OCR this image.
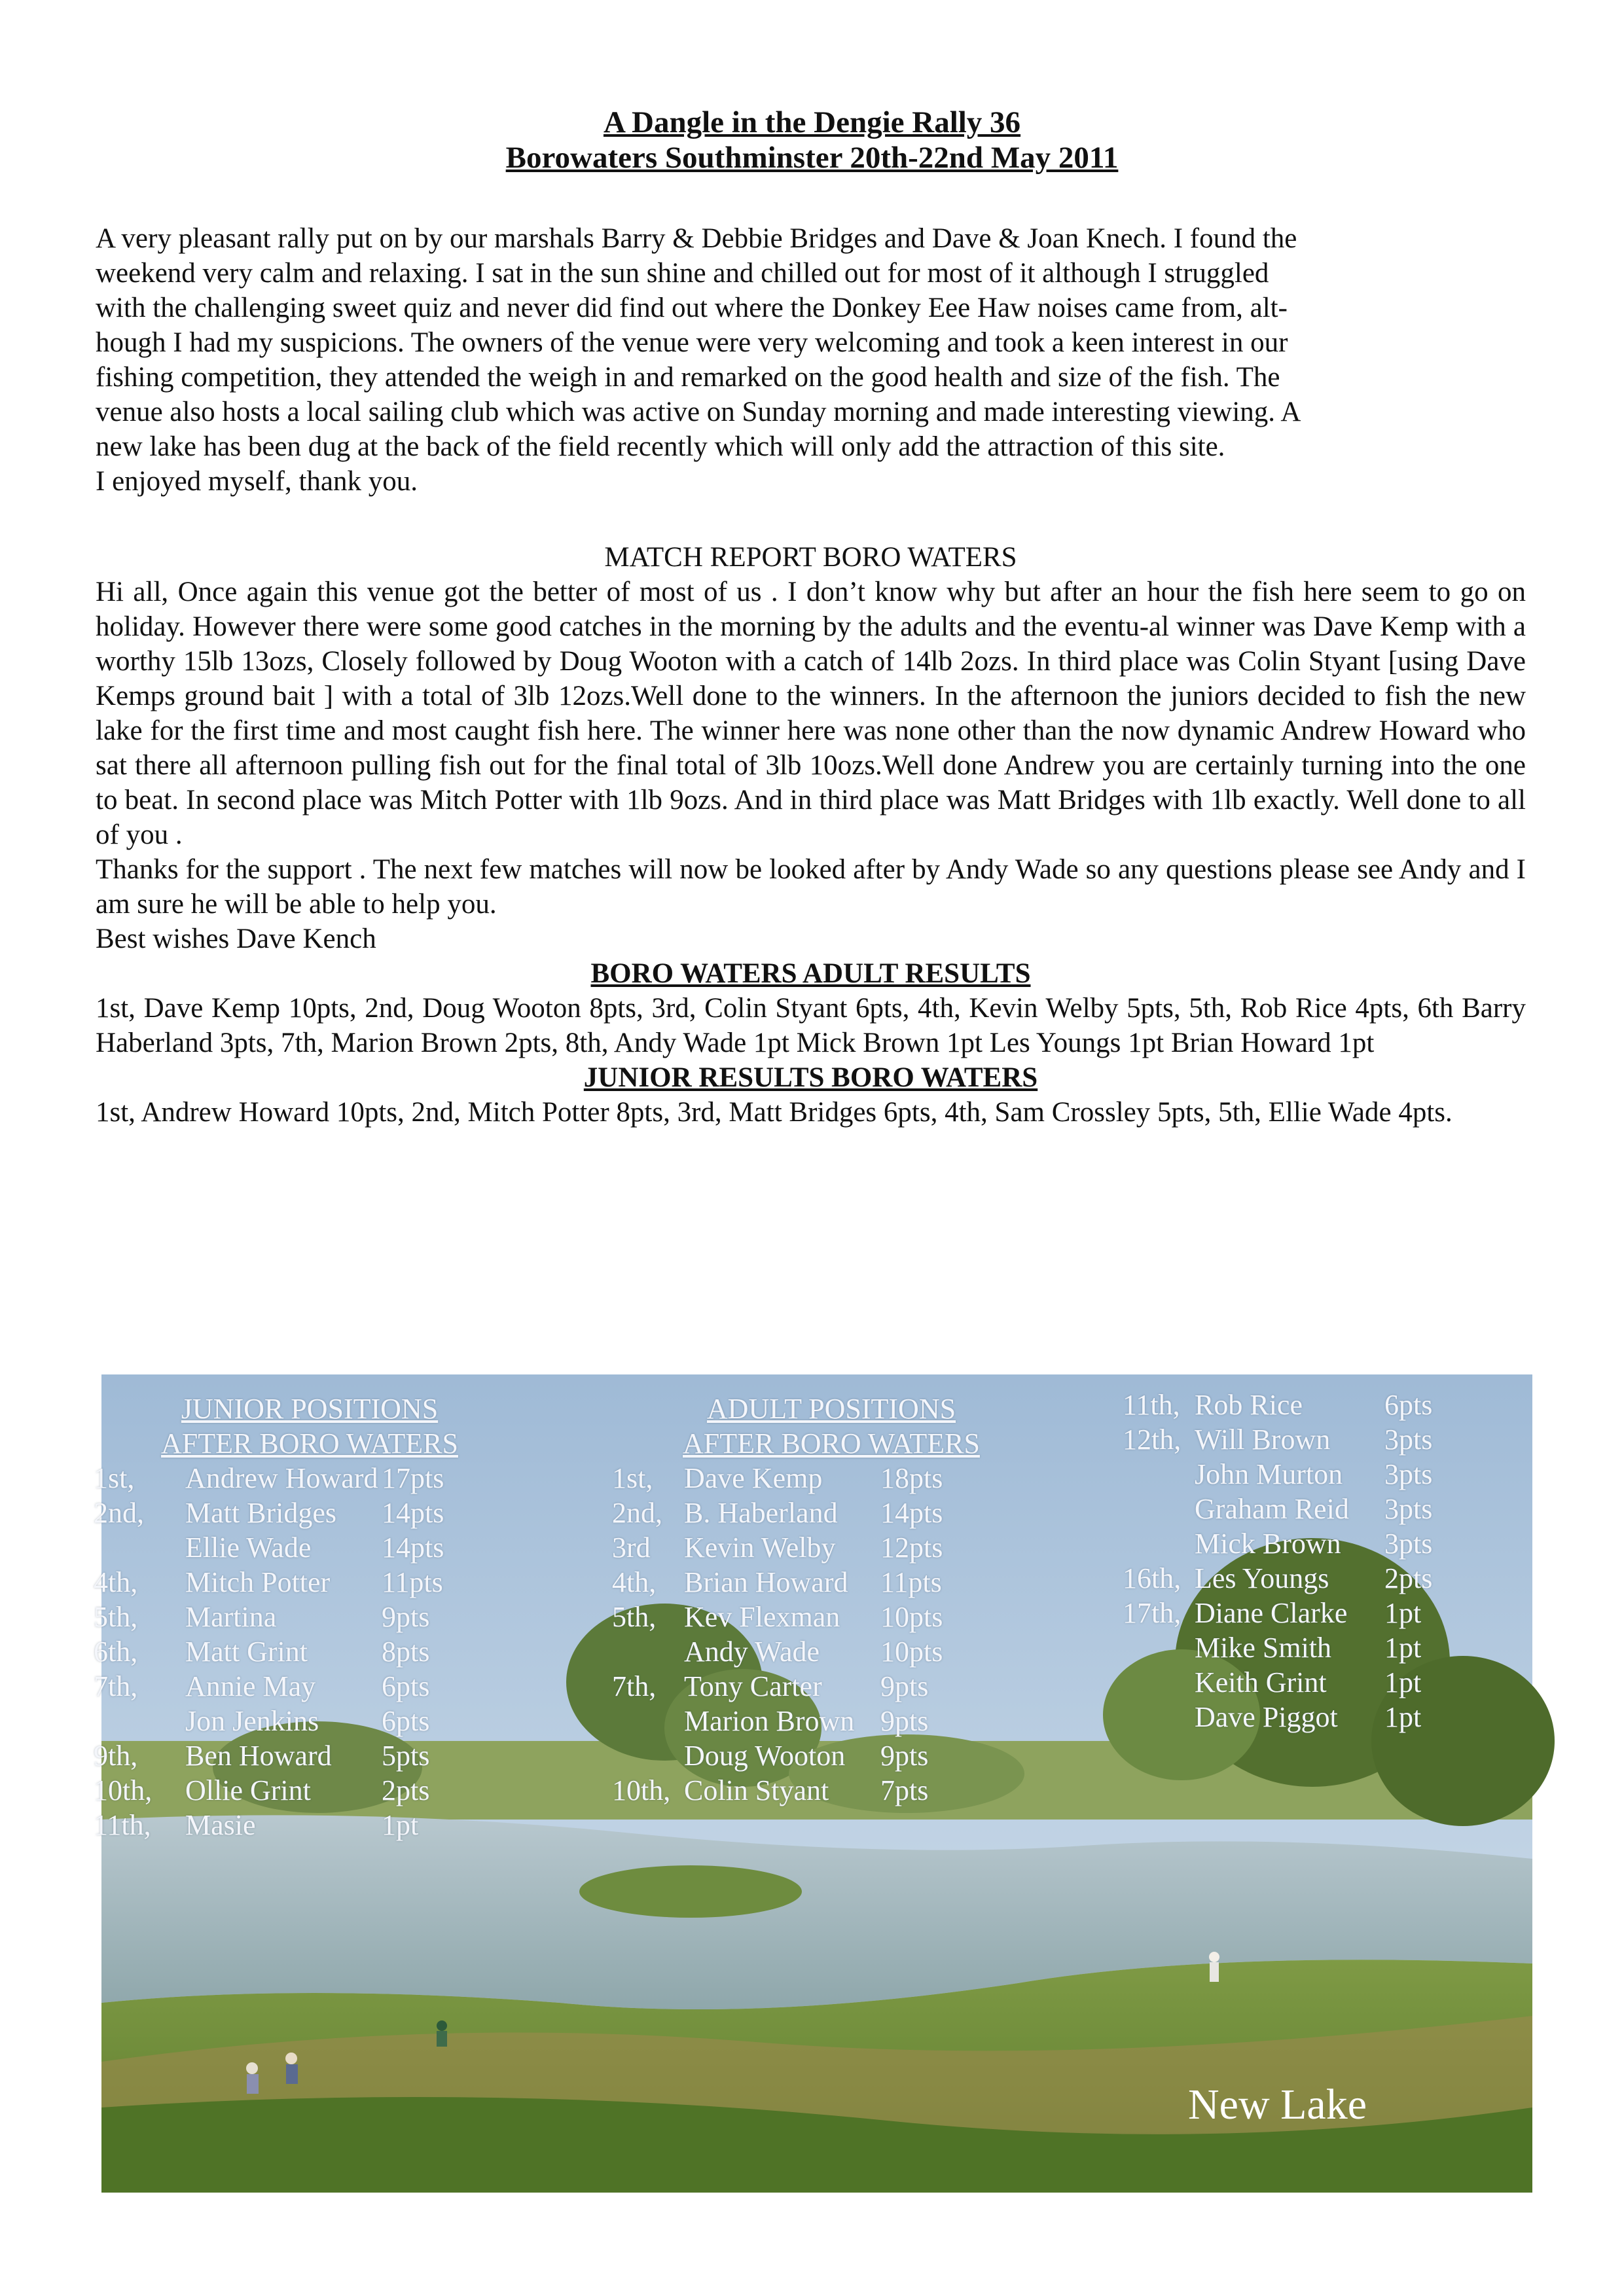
A Dangle in the Dengie Rally 36
Borowaters Southminster 20th-22nd May 2011
A very pleasant rally put on by our marshals Barry & Debbie Bridges and Dave & Joan Knech. I found the
weekend very calm and relaxing. I sat in the sun shine and chilled out for most of it although I struggled
with the challenging sweet quiz and never did find out where the Donkey Eee Haw noises came from, alt-
hough I had my suspicions. The owners of the venue were very welcoming and took a keen interest in our
fishing competition, they attended the weigh in and remarked on the good health and size of the fish. The
venue also hosts a local sailing club which was active on Sunday morning and made interesting viewing. A
new lake has been dug at the back of the field recently which will only add the attraction of this site.
I enjoyed myself, thank you.
MATCH REPORT BORO WATERS
Hi all, Once again this venue got the better of most of us . I don’t know why but after an hour the fish here seem to go on holiday. However there were some good catches in the morning by the adults and the eventu-al winner was Dave Kemp with a worthy 15lb 13ozs, Closely followed by Doug Wooton with a catch of 14lb 2ozs. In third place was Colin Styant [using Dave Kemps ground bait ] with a total of 3lb 12ozs.Well done to the winners. In the afternoon the juniors decided to fish the new lake for the first time and most caught fish here. The winner here was none other than the now dynamic Andrew Howard who sat there all afternoon pulling fish out for the final total of 3lb 10ozs.Well done Andrew you are certainly turning into the one to beat. In second place was Mitch Potter with 1lb 9ozs. And in third place was Matt Bridges with 1lb exactly. Well done to all of you .
Thanks for the support . The next few matches will now be looked after by Andy Wade so any questions please see Andy and I am sure he will be able to help you.
Best wishes Dave Kench
BORO WATERS ADULT RESULTS
1st, Dave Kemp 10pts, 2nd, Doug Wooton 8pts, 3rd, Colin Styant 6pts, 4th, Kevin Welby 5pts, 5th, Rob Rice 4pts, 6th Barry Haberland 3pts, 7th, Marion Brown 2pts, 8th, Andy Wade 1pt Mick Brown 1pt Les Youngs 1pt Brian Howard 1pt
JUNIOR RESULTS BORO WATERS
1st, Andrew Howard 10pts, 2nd, Mitch Potter 8pts, 3rd, Matt Bridges 6pts, 4th, Sam Crossley 5pts, 5th, Ellie Wade 4pts.
JUNIOR POSITIONS
AFTER BORO WATERS
1st, Andrew Howard 17pts
2nd, Matt Bridges 14pts
Ellie Wade 14pts
4th, Mitch Potter 11pts
5th, Martina	9pts
6th, Matt Grint	8pts
7th, Annie May 6pts
Jon Jenkins 6pts
9th, Ben Howard 5pts
10th, Ollie Grint 2pts
11th, Masie	1pt
ADULT POSITIONS
AFTER BORO WATERS
1st, Dave Kemp 18pts
2nd, B. Haberland 14pts
3rd Kevin Welby 12pts
4th, Brian Howard 11pts
5th, Kev Flexman 10pts
Andy Wade 10pts
7th, Tony Carter 9pts
Marion Brown 9pts
Doug Wooton 9pts
10th, Colin Styant 7pts
11th, Rob Rice	6pts
12th, Will Brown 3pts
John Murton 3pts
Graham Reid 3pts
Mick Brown 3pts
16th, Les Youngs 2pts
17th, Diane Clarke 1pt
Mike Smith 1pt
Keith Grint 1pt
Dave Piggot 1pt
New Lake
